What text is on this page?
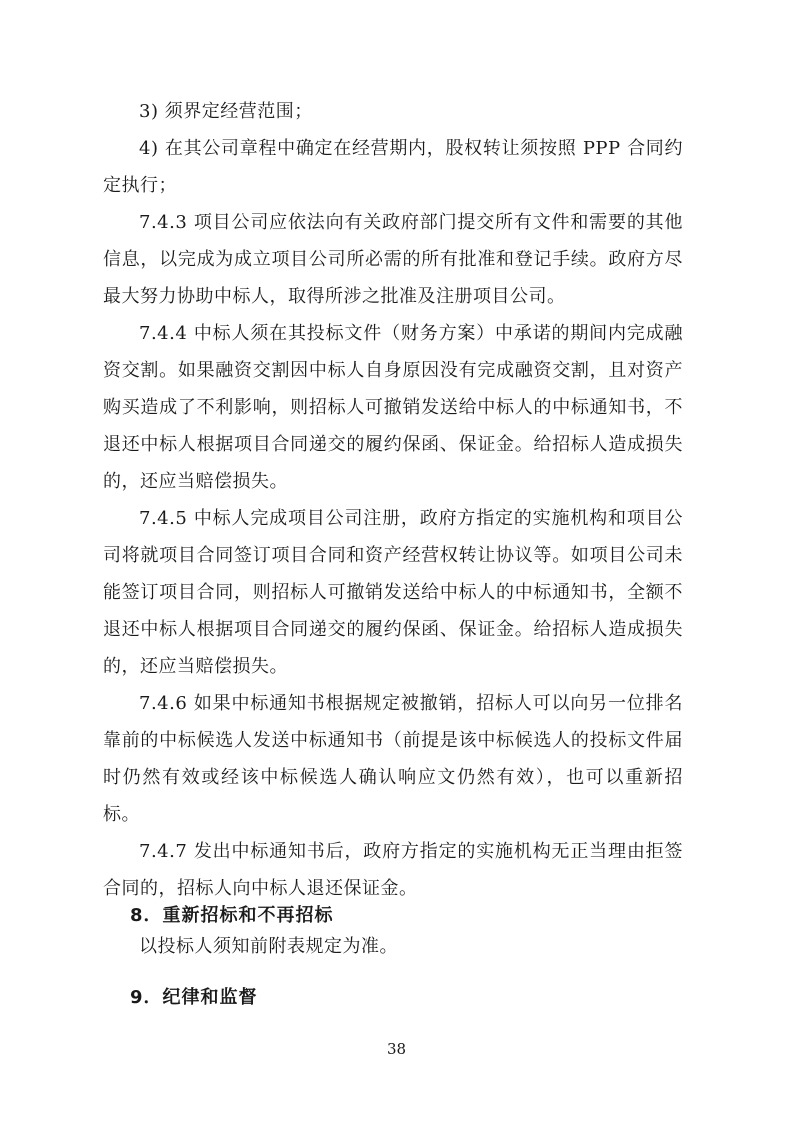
3) 须界定经营范围；

4) 在其公司章程中确定在经营期内，股权转让须按照 PPP 合同约定执行；

7.4.3 项目公司应依法向有关政府部门提交所有文件和需要的其他信息，以完成为成立项目公司所必需的所有批准和登记手续。政府方尽最大努力协助中标人，取得所涉之批准及注册项目公司。

7.4.4 中标人须在其投标文件（财务方案）中承诺的期间内完成融资交割。如果融资交割因中标人自身原因没有完成融资交割，且对资产购买造成了不利影响，则招标人可撤销发送给中标人的中标通知书，不退还中标人根据项目合同递交的履约保函、保证金。给招标人造成损失的，还应当赔偿损失。

7.4.5 中标人完成项目公司注册，政府方指定的实施机构和项目公司将就项目合同签订项目合同和资产经营权转让协议等。如项目公司未能签订项目合同，则招标人可撤销发送给中标人的中标通知书，全额不退还中标人根据项目合同递交的履约保函、保证金。给招标人造成损失的，还应当赔偿损失。

7.4.6 如果中标通知书根据规定被撤销，招标人可以向另一位排名靠前的中标候选人发送中标通知书（前提是该中标候选人的投标文件届时仍然有效或经该中标候选人确认响应文仍然有效），也可以重新招标。

7.4.7 发出中标通知书后，政府方指定的实施机构无正当理由拒签合同的，招标人向中标人退还保证金。

8．重新招标和不再招标

以投标人须知前附表规定为准。

9．纪律和监督
38
